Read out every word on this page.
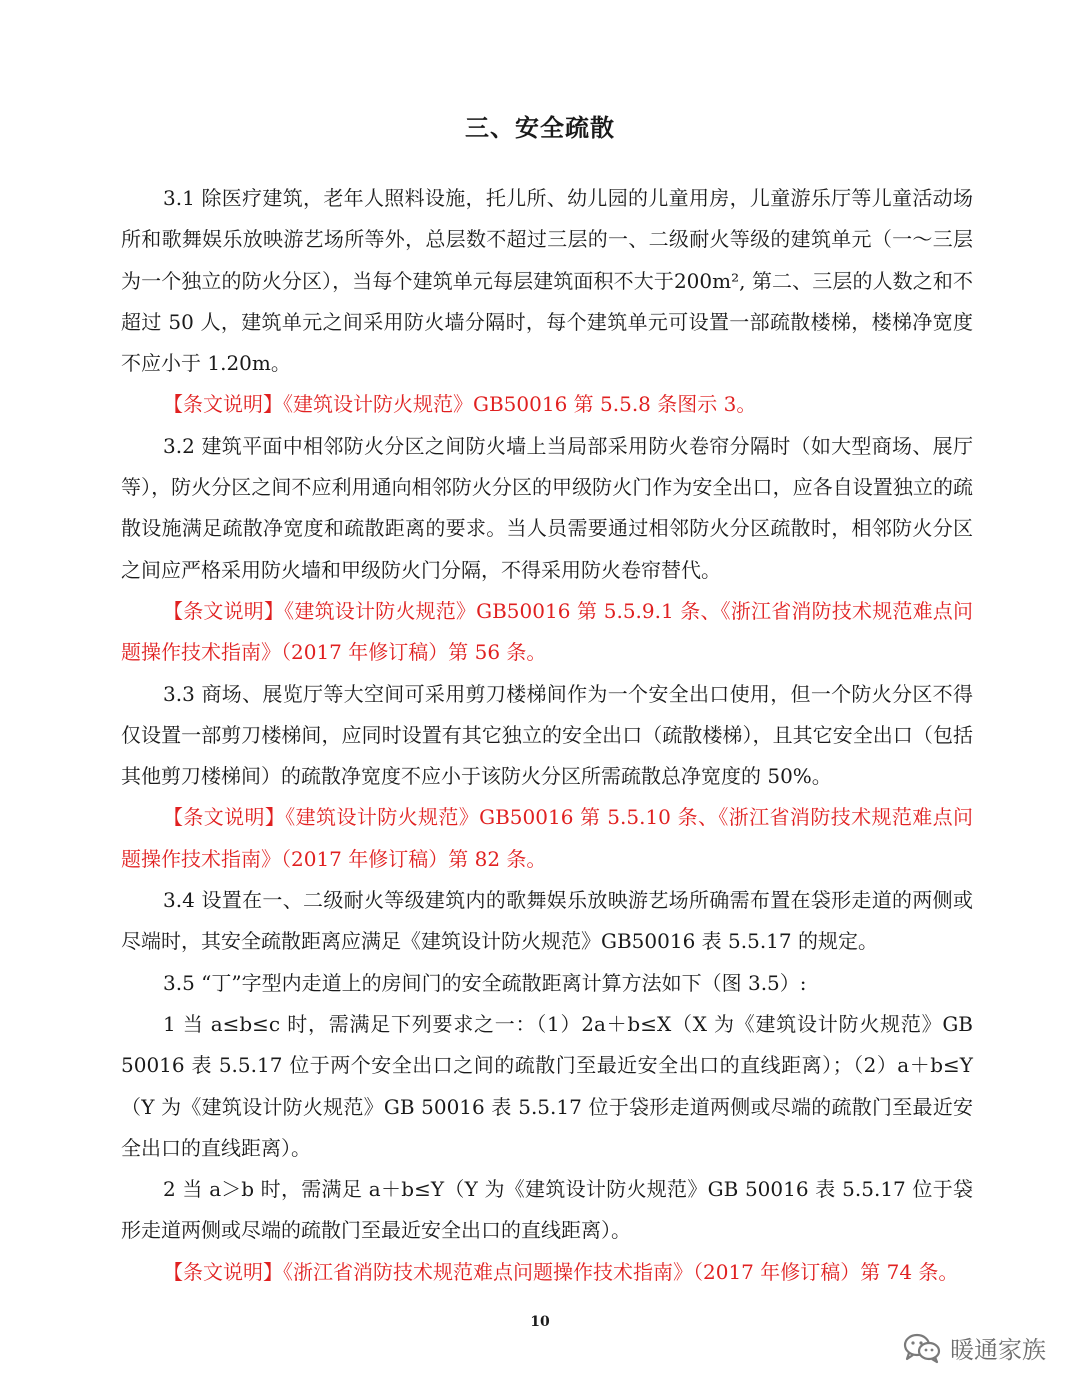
三、安全疏散

3.1 除医疗建筑，老年人照料设施，托儿所、幼儿园的儿童用房，儿童游乐厅等儿童活动场所和歌舞娱乐放映游艺场所等外，总层数不超过三层的一、二级耐火等级的建筑单元（一～三层为一个独立的防火分区），当每个建筑单元每层建筑面积不大于200m², 第二、三层的人数之和不超过 50 人，建筑单元之间采用防火墙分隔时，每个建筑单元可设置一部疏散楼梯，楼梯净宽度不应小于 1.20m。

【条文说明】《建筑设计防火规范》GB50016 第 5.5.8 条图示 3。

3.2 建筑平面中相邻防火分区之间防火墙上当局部采用防火卷帘分隔时（如大型商场、展厅等），防火分区之间不应利用通向相邻防火分区的甲级防火门作为安全出口，应各自设置独立的疏散设施满足疏散净宽度和疏散距离的要求。当人员需要通过相邻防火分区疏散时，相邻防火分区之间应严格采用防火墙和甲级防火门分隔，不得采用防火卷帘替代。

【条文说明】《建筑设计防火规范》GB50016 第 5.5.9.1 条、《浙江省消防技术规范难点问题操作技术指南》（2017 年修订稿）第 56 条。

3.3 商场、展览厅等大空间可采用剪刀楼梯间作为一个安全出口使用，但一个防火分区不得仅设置一部剪刀楼梯间，应同时设置有其它独立的安全出口（疏散楼梯），且其它安全出口（包括其他剪刀楼梯间）的疏散净宽度不应小于该防火分区所需疏散总净宽度的 50%。

【条文说明】《建筑设计防火规范》GB50016 第 5.5.10 条、《浙江省消防技术规范难点问题操作技术指南》（2017 年修订稿）第 82 条。

3.4 设置在一、二级耐火等级建筑内的歌舞娱乐放映游艺场所确需布置在袋形走道的两侧或尽端时，其安全疏散距离应满足《建筑设计防火规范》GB50016 表 5.5.17 的规定。

3.5 “丁”字型内走道上的房间门的安全疏散距离计算方法如下（图 3.5）:

1 当 a≤b≤c 时，需满足下列要求之一：（1）2a＋b≤X（X 为《建筑设计防火规范》GB 50016 表 5.5.17 位于两个安全出口之间的疏散门至最近安全出口的直线距离）；（2）a＋b≤Y（Y 为《建筑设计防火规范》GB 50016 表 5.5.17 位于袋形走道两侧或尽端的疏散门至最近安全出口的直线距离）。

2 当 a＞b 时，需满足 a＋b≤Y（Y 为《建筑设计防火规范》GB 50016 表 5.5.17 位于袋形走道两侧或尽端的疏散门至最近安全出口的直线距离）。

【条文说明】《浙江省消防技术规范难点问题操作技术指南》（2017 年修订稿）第 74 条。

10
暖通家族
